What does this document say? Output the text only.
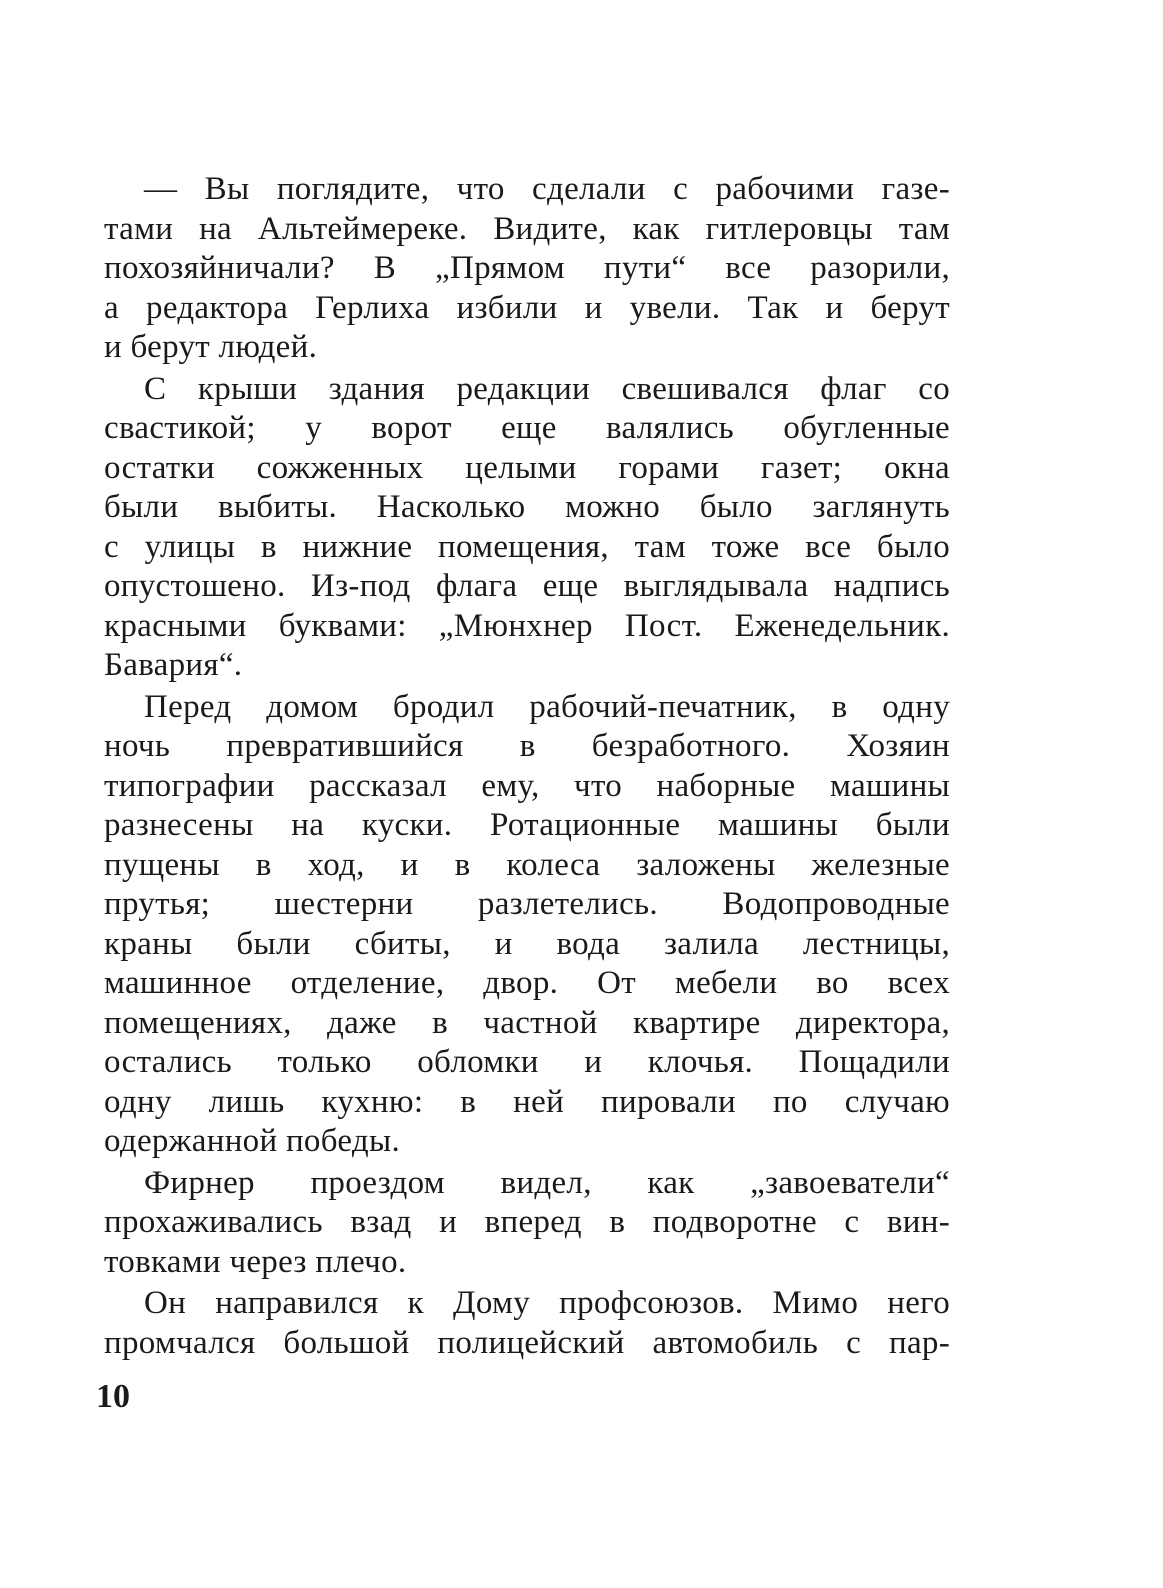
— Вы поглядите, что сделали с рабочими газе-
тами на Альтеймереке. Видите, как гитлеровцы там
похозяйничали? В „Прямом пути“ все разорили,
а редактора Герлиха избили и увели. Так и берут
и берут людей.
С крыши здания редакции свешивался флаг со
свастикой; у ворот еще валялись обугленные
остатки сожженных целыми горами газет; окна
были выбиты. Насколько можно было заглянуть
с улицы в нижние помещения, там тоже все было
опустошено. Из-под флага еще выглядывала надпись
красными буквами: „Мюнхнер Пост. Еженедельник.
Бавария“.
Перед домом бродил рабочий-печатник, в одну
ночь превратившийся в безработного. Хозяин
типографии рассказал ему, что наборные машины
разнесены на куски. Ротационные машины были
пущены в ход, и в колеса заложены железные
прутья; шестерни разлетелись. Водопроводные
краны были сбиты, и вода залила лестницы,
машинное отделение, двор. От мебели во всех
помещениях, даже в частной квартире директора,
остались только обломки и клочья. Пощадили
одну лишь кухню: в ней пировали по случаю
одержанной победы.
Фирнер проездом видел, как „завоеватели“
прохаживались взад и вперед в подворотне с вин-
товками через плечо.
Он направился к Дому профсоюзов. Мимо него
промчался большой полицейский автомобиль с пар-
10
